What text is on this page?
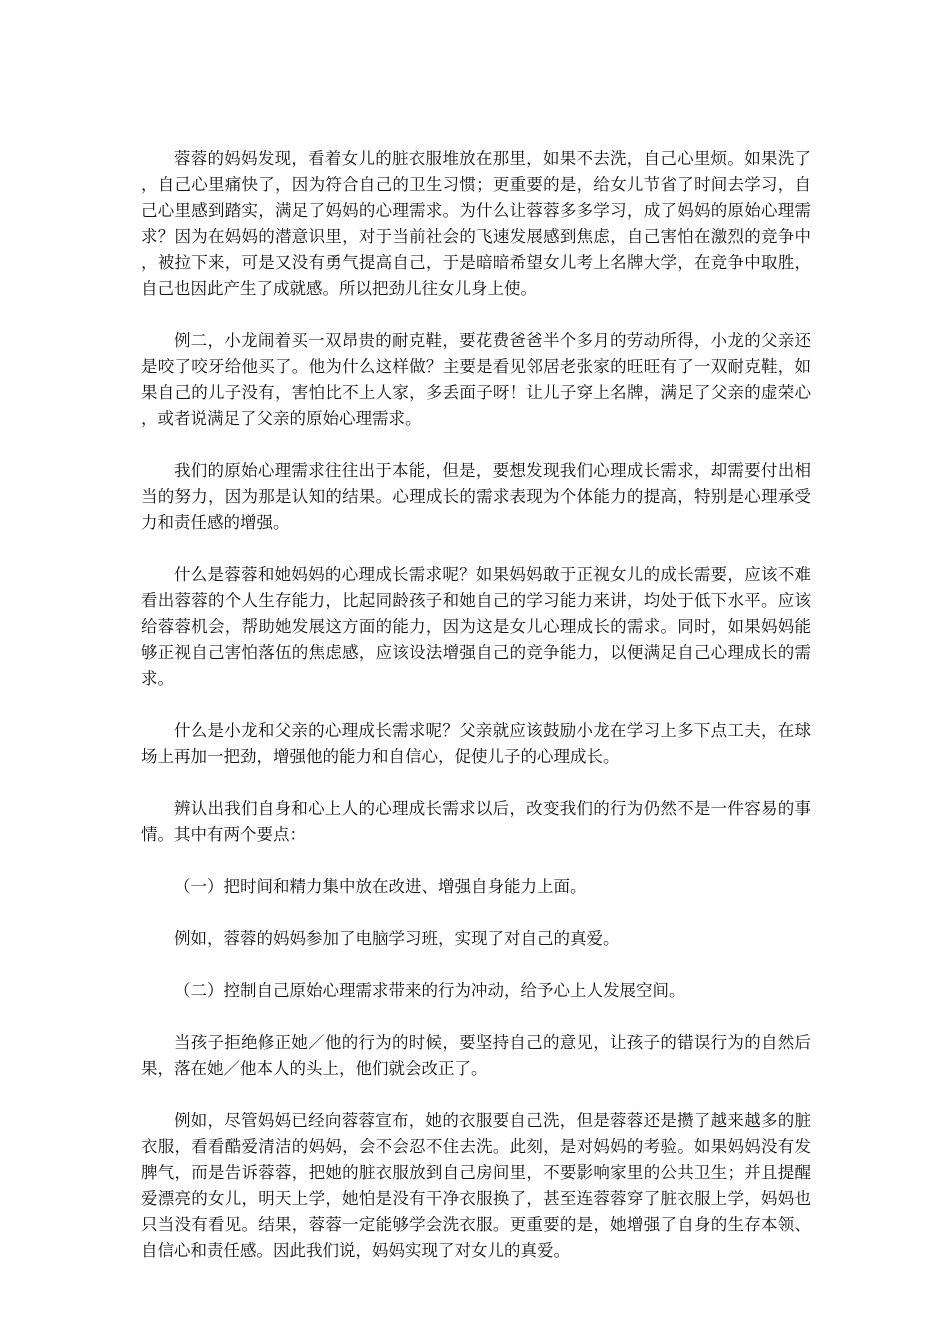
蓉蓉的妈妈发现，看着女儿的脏衣服堆放在那里，如果不去洗，自己心里烦。如果洗了，自己心里痛快了，因为符合自己的卫生习惯；更重要的是，给女儿节省了时间去学习，自己心里感到踏实，满足了妈妈的心理需求。为什么让蓉蓉多多学习，成了妈妈的原始心理需求？因为在妈妈的潜意识里，对于当前社会的飞速发展感到焦虑，自己害怕在激烈的竞争中，被拉下来，可是又没有勇气提高自己，于是暗暗希望女儿考上名牌大学，在竞争中取胜，自己也因此产生了成就感。所以把劲儿往女儿身上使。

例二，小龙闹着买一双昂贵的耐克鞋，要花费爸爸半个多月的劳动所得，小龙的父亲还是咬了咬牙给他买了。他为什么这样做？主要是看见邻居老张家的旺旺有了一双耐克鞋，如果自己的儿子没有，害怕比不上人家，多丢面子呀！让儿子穿上名牌，满足了父亲的虚荣心，或者说满足了父亲的原始心理需求。

我们的原始心理需求往往出于本能，但是，要想发现我们心理成长需求，却需要付出相当的努力，因为那是认知的结果。心理成长的需求表现为个体能力的提高，特别是心理承受力和责任感的增强。

什么是蓉蓉和她妈妈的心理成长需求呢？如果妈妈敢于正视女儿的成长需要，应该不难看出蓉蓉的个人生存能力，比起同龄孩子和她自己的学习能力来讲，均处于低下水平。应该给蓉蓉机会，帮助她发展这方面的能力，因为这是女儿心理成长的需求。同时，如果妈妈能够正视自己害怕落伍的焦虑感，应该设法增强自己的竞争能力，以便满足自己心理成长的需求。

什么是小龙和父亲的心理成长需求呢？父亲就应该鼓励小龙在学习上多下点工夫，在球场上再加一把劲，增强他的能力和自信心，促使儿子的心理成长。

辨认出我们自身和心上人的心理成长需求以后，改变我们的行为仍然不是一件容易的事情。其中有两个要点：

（一）把时间和精力集中放在改进、增强自身能力上面。

例如，蓉蓉的妈妈参加了电脑学习班，实现了对自己的真爱。

（二）控制自己原始心理需求带来的行为冲动，给予心上人发展空间。

当孩子拒绝修正她／他的行为的时候，要坚持自己的意见，让孩子的错误行为的自然后果，落在她／他本人的头上，他们就会改正了。

例如，尽管妈妈已经向蓉蓉宣布，她的衣服要自己洗，但是蓉蓉还是攒了越来越多的脏衣服，看看酷爱清洁的妈妈，会不会忍不住去洗。此刻，是对妈妈的考验。如果妈妈没有发脾气，而是告诉蓉蓉，把她的脏衣服放到自己房间里，不要影响家里的公共卫生；并且提醒爱漂亮的女儿，明天上学，她怕是没有干净衣服换了，甚至连蓉蓉穿了脏衣服上学，妈妈也只当没有看见。结果，蓉蓉一定能够学会洗衣服。更重要的是，她增强了自身的生存本领、自信心和责任感。因此我们说，妈妈实现了对女儿的真爱。
